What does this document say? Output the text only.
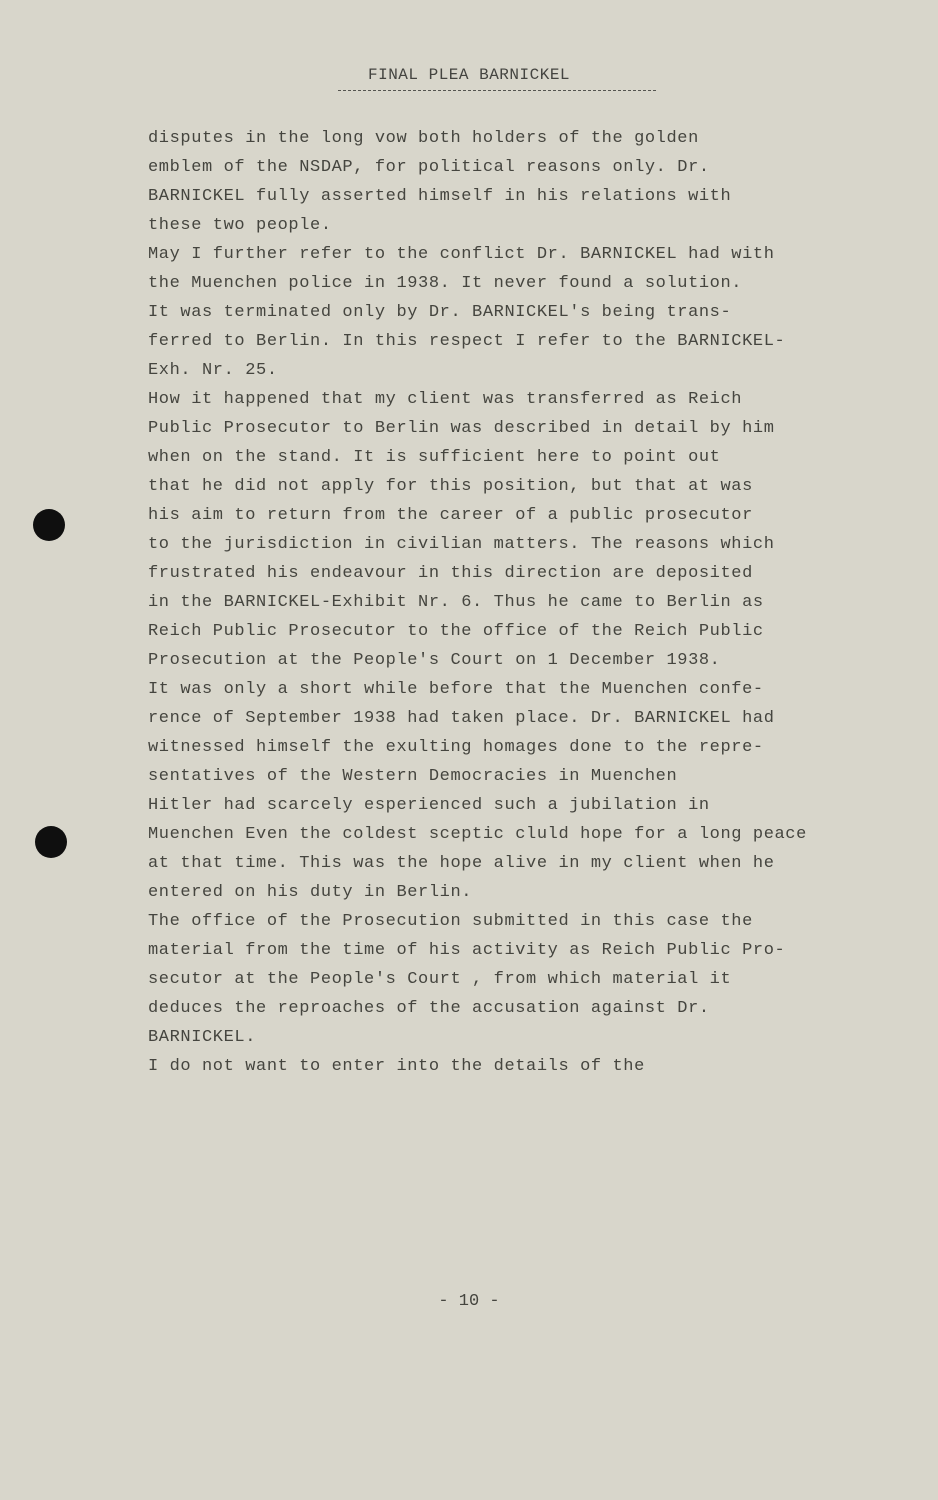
FINAL PLEA BARNICKEL
disputes in the long vow both holders of the golden
emblem of the NSDAP, for political reasons only. Dr.
BARNICKEL fully asserted himself in his relations with
these two people.
May I further refer to the conflict Dr. BARNICKEL had with
the Muenchen police in 1938. It never found a solution.
It was terminated only by Dr. BARNICKEL's being trans-
ferred to Berlin. In this respect I refer to the BARNICKEL-
Exh. Nr. 25.
How it happened that my client was transferred as Reich
Public Prosecutor to Berlin was described in detail by him
when on the stand. It is sufficient here to point out
that he did not apply for this position, but that at was
his aim to return from the career of a public prosecutor
to the jurisdiction in civilian matters. The reasons which
frustrated his endeavour in this direction are deposited
in the BARNICKEL-Exhibit Nr. 6. Thus he came to Berlin as
Reich Public Prosecutor to the office of the Reich Public
Prosecution at the People's Court on 1 December 1938.
It was only a short while before that the Muenchen confe-
rence of September 1938 had taken place. Dr. BARNICKEL had
witnessed himself the exulting homages done to the repre-
sentatives of the Western Democracies in Muenchen
Hitler had scarcely esperienced such a jubilation in
Muenchen Even the coldest sceptic cluld hope for a long peace
at that time. This was the hope alive in my client when he
entered on his duty in Berlin.
The office of the Prosecution submitted in this case the
material from the time of his activity as Reich Public Pro-
secutor at the People's Court , from which material it
deduces the reproaches of the accusation against Dr.
BARNICKEL.
I do not want to enter into the details of the
- 10 -
